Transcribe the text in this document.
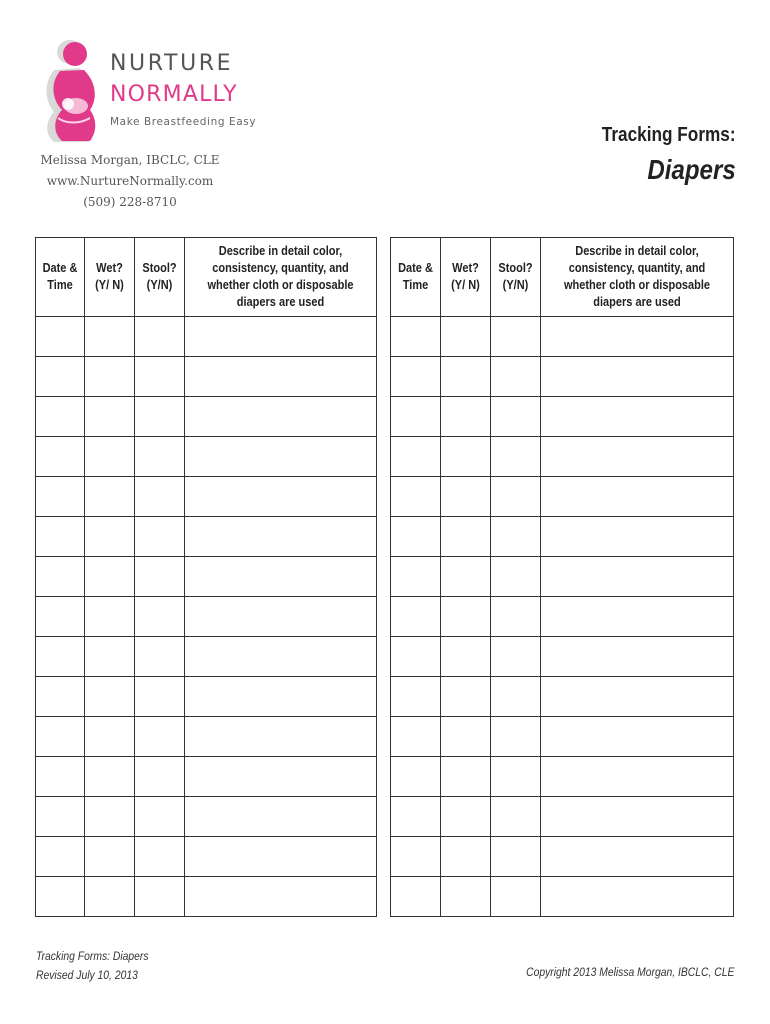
NURTURE
NORMALLY
Make Breastfeeding Easy
Melissa Morgan, IBCLC, CLE
www.NurtureNormally.com
(509) 228-8710
Tracking Forms:
Diapers
Date & Time	Wet? (Y/ N)	Stool? (Y/N)	Describe in detail color, consistency, quantity, and whether cloth or disposable diapers are used

Date & Time	Wet? (Y/ N)	Stool? (Y/N)	Describe in detail color, consistency, quantity, and whether cloth or disposable diapers are used

Tracking Forms: Diapers
Revised July 10, 2013	Copyright 2013 Melissa Morgan, IBCLC, CLE
